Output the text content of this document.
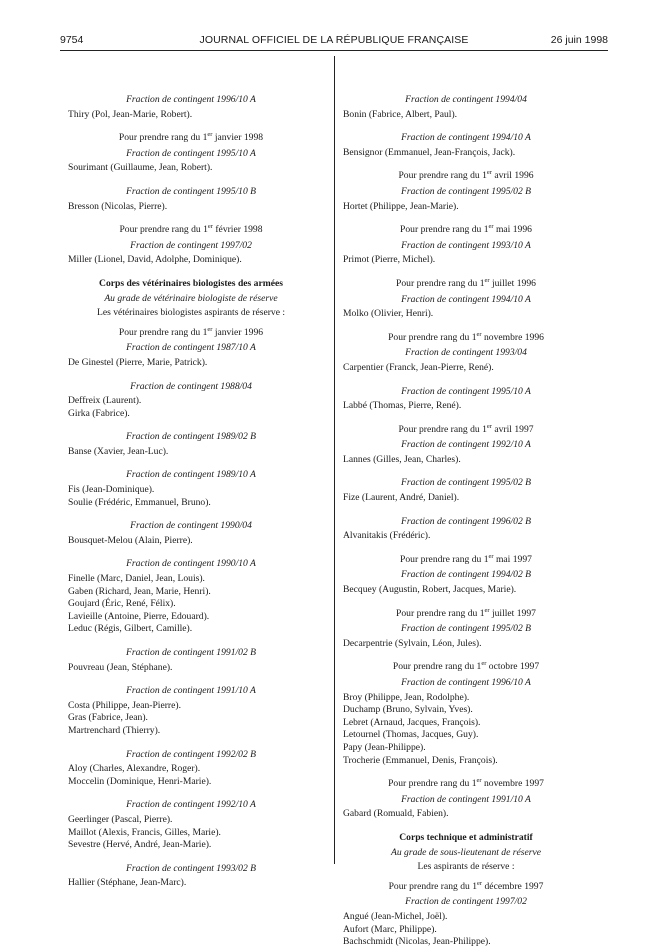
9754	JOURNAL OFFICIEL DE LA RÉPUBLIQUE FRANÇAISE	26 juin 1998
Fraction de contingent 1996/10 A
Thiry (Pol, Jean-Marie, Robert).
Pour prendre rang du 1er janvier 1998
Fraction de contingent 1995/10 A
Sourimant (Guillaume, Jean, Robert).
Fraction de contingent 1995/10 B
Bresson (Nicolas, Pierre).
Pour prendre rang du 1er février 1998
Fraction de contingent 1997/02
Miller (Lionel, David, Adolphe, Dominique).
Corps des vétérinaires biologistes des armées
Au grade de vétérinaire biologiste de réserve
Les vétérinaires biologistes aspirants de réserve :
Pour prendre rang du 1er janvier 1996
Fraction de contingent 1987/10 A
De Ginestel (Pierre, Marie, Patrick).
Fraction de contingent 1988/04
Deffreix (Laurent).
Girka (Fabrice).
Fraction de contingent 1989/02 B
Banse (Xavier, Jean-Luc).
Fraction de contingent 1989/10 A
Fis (Jean-Dominique).
Soulie (Frédéric, Emmanuel, Bruno).
Fraction de contingent 1990/04
Bousquet-Melou (Alain, Pierre).
Fraction de contingent 1990/10 A
Finelle (Marc, Daniel, Jean, Louis).
Gaben (Richard, Jean, Marie, Henri).
Goujard (Éric, René, Félix).
Lavieille (Antoine, Pierre, Edouard).
Leduc (Régis, Gilbert, Camille).
Fraction de contingent 1991/02 B
Pouvreau (Jean, Stéphane).
Fraction de contingent 1991/10 A
Costa (Philippe, Jean-Pierre).
Gras (Fabrice, Jean).
Martrenchard (Thierry).
Fraction de contingent 1992/02 B
Aloy (Charles, Alexandre, Roger).
Moccelin (Dominique, Henri-Marie).
Fraction de contingent 1992/10 A
Geerlinger (Pascal, Pierre).
Maillot (Alexis, Francis, Gilles, Marie).
Sevestre (Hervé, André, Jean-Marie).
Fraction de contingent 1993/02 B
Hallier (Stéphane, Jean-Marc).
Fraction de contingent 1994/04
Bonin (Fabrice, Albert, Paul).
Fraction de contingent 1994/10 A
Bensignor (Emmanuel, Jean-François, Jack).
Pour prendre rang du 1er avril 1996
Fraction de contingent 1995/02 B
Hortet (Philippe, Jean-Marie).
Pour prendre rang du 1er mai 1996
Fraction de contingent 1993/10 A
Primot (Pierre, Michel).
Pour prendre rang du 1er juillet 1996
Fraction de contingent 1994/10 A
Molko (Olivier, Henri).
Pour prendre rang du 1er novembre 1996
Fraction de contingent 1993/04
Carpentier (Franck, Jean-Pierre, René).
Fraction de contingent 1995/10 A
Labbé (Thomas, Pierre, René).
Pour prendre rang du 1er avril 1997
Fraction de contingent 1992/10 A
Lannes (Gilles, Jean, Charles).
Fraction de contingent 1995/02 B
Fize (Laurent, André, Daniel).
Fraction de contingent 1996/02 B
Alvanitakis (Frédéric).
Pour prendre rang du 1er mai 1997
Fraction de contingent 1994/02 B
Becquey (Augustin, Robert, Jacques, Marie).
Pour prendre rang du 1er juillet 1997
Fraction de contingent 1995/02 B
Decarpentrie (Sylvain, Léon, Jules).
Pour prendre rang du 1er octobre 1997
Fraction de contingent 1996/10 A
Broy (Philippe, Jean, Rodolphe).
Duchamp (Bruno, Sylvain, Yves).
Lebret (Arnaud, Jacques, François).
Letournel (Thomas, Jacques, Guy).
Papy (Jean-Philippe).
Trocherie (Emmanuel, Denis, François).
Pour prendre rang du 1er novembre 1997
Fraction de contingent 1991/10 A
Gabard (Romuald, Fabien).
Corps technique et administratif
Au grade de sous-lieutenant de réserve
Les aspirants de réserve :
Pour prendre rang du 1er décembre 1997
Fraction de contingent 1997/02
Angué (Jean-Michel, Joël).
Aufort (Marc, Philippe).
Bachschmidt (Nicolas, Jean-Philippe).
